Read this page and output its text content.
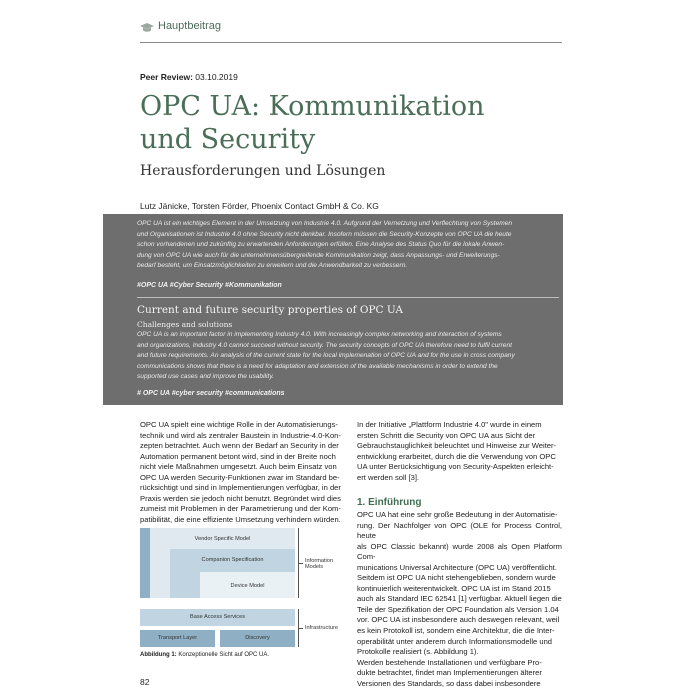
Hauptbeitrag
Peer Review: 03.10.2019
OPC UA: Kommunikation
und Security
Herausforderungen und Lösungen
Lutz Jänicke, Torsten Förder, Phoenix Contact GmbH & Co. KG
OPC UA ist ein wichtiges Element in der Umsetzung von Industrie 4.0. Aufgrund der Vernetzung und Verflechtung von Systemen
und Organisationen ist Industrie 4.0 ohne Security nicht denkbar. Insofern müssen die Security-Konzepte von OPC UA die heute
schon vorhandenen und zukünftig zu erwartenden Anforderungen erfüllen. Eine Analyse des Status Quo für die lokale Anwen-
dung von OPC UA wie auch für die unternehmensübergreifende Kommunikation zeigt, dass Anpassungs- und Erweiterungs-
bedarf besteht, um Einsatzmöglichkeiten zu erweitern und die Anwendbarkeit zu verbessern.
#OPC UA #Cyber Security #Kommunikation
Current and future security properties of OPC UA
Challenges and solutions
OPC UA is an important factor in implementing Industry 4.0. With increasingly complex networking and interaction of systems
and organizations, Industry 4.0 cannot succeed without security. The security concepts of OPC UA therefore need to fulfil current
and future requirements. An analysis of the current state for the local implemenation of OPC UA and for the use in cross company
communications shows that there is a need for adaptation and extension of the available mechanisms in order to extend the
supported use cases and improve the usability.
# OPC UA #cyber security #communications
OPC UA spielt eine wichtige Rolle in der Automatisierungs-
technik und wird als zentraler Baustein in Industrie-4.0-Kon-
zepten betrachtet. Auch wenn der Bedarf an Security in der
Automation permanent betont wird, sind in der Breite noch
nicht viele Maßnahmen umgesetzt. Auch beim Einsatz von
OPC UA werden Security-Funktionen zwar im Standard be-
rücksichtigt und sind in Implementierungen verfügbar, in der
Praxis werden sie jedoch nicht benutzt. Begründet wird dies
zumeist mit Problemen in der Parametrierung und der Kom-
patibilität, die eine effiziente Umsetzung verhindern würden.
In der Initiative „Plattform Industrie 4.0" wurde in einem
ersten Schritt die Security von OPC UA aus Sicht der
Gebrauchstauglichkeit beleuchtet und Hinweise zur Weiter-
entwicklung erarbeitet, durch die die Verwendung von OPC
UA unter Berücksichtigung von Security-Aspekten erleicht-
ert werden soll [3].
1. Einführung
OPC UA hat eine sehr große Bedeutung in der Automatisie-
rung. Der Nachfolger von OPC (OLE for Process Control, heute
als OPC Classic bekannt) wurde 2008 als Open Platform Com-
munications Universal Architecture (OPC UA) veröffentlicht.
Seitdem ist OPC UA nicht stehengeblieben, sondern wurde
kontinuierlich weiterentwickelt. OPC UA ist im Stand 2015
auch als Standard IEC 62541 [1] verfügbar. Aktuell liegen die
Teile der Spezifikation der OPC Foundation als Version 1.04
vor. OPC UA ist insbesondere auch deswegen relevant, weil
es kein Protokoll ist, sondern eine Architektur, die die Inter-
operabilität unter anderem durch Informationsmodelle und
Protokolle realisiert (s. Abbildung 1).
Werden bestehende Installationen und verfügbare Pro-
dukte betrachtet, findet man Implementierungen älterer
Versionen des Standards, so dass dabei insbesondere
Vendor Specific Model
Companion Specification
Device Model
Information
Models
Base Access Services
Transport Layer	Discovery
Infrastructure
Abbildung 1: Konzeptionelle Sicht auf OPC UA.
82
